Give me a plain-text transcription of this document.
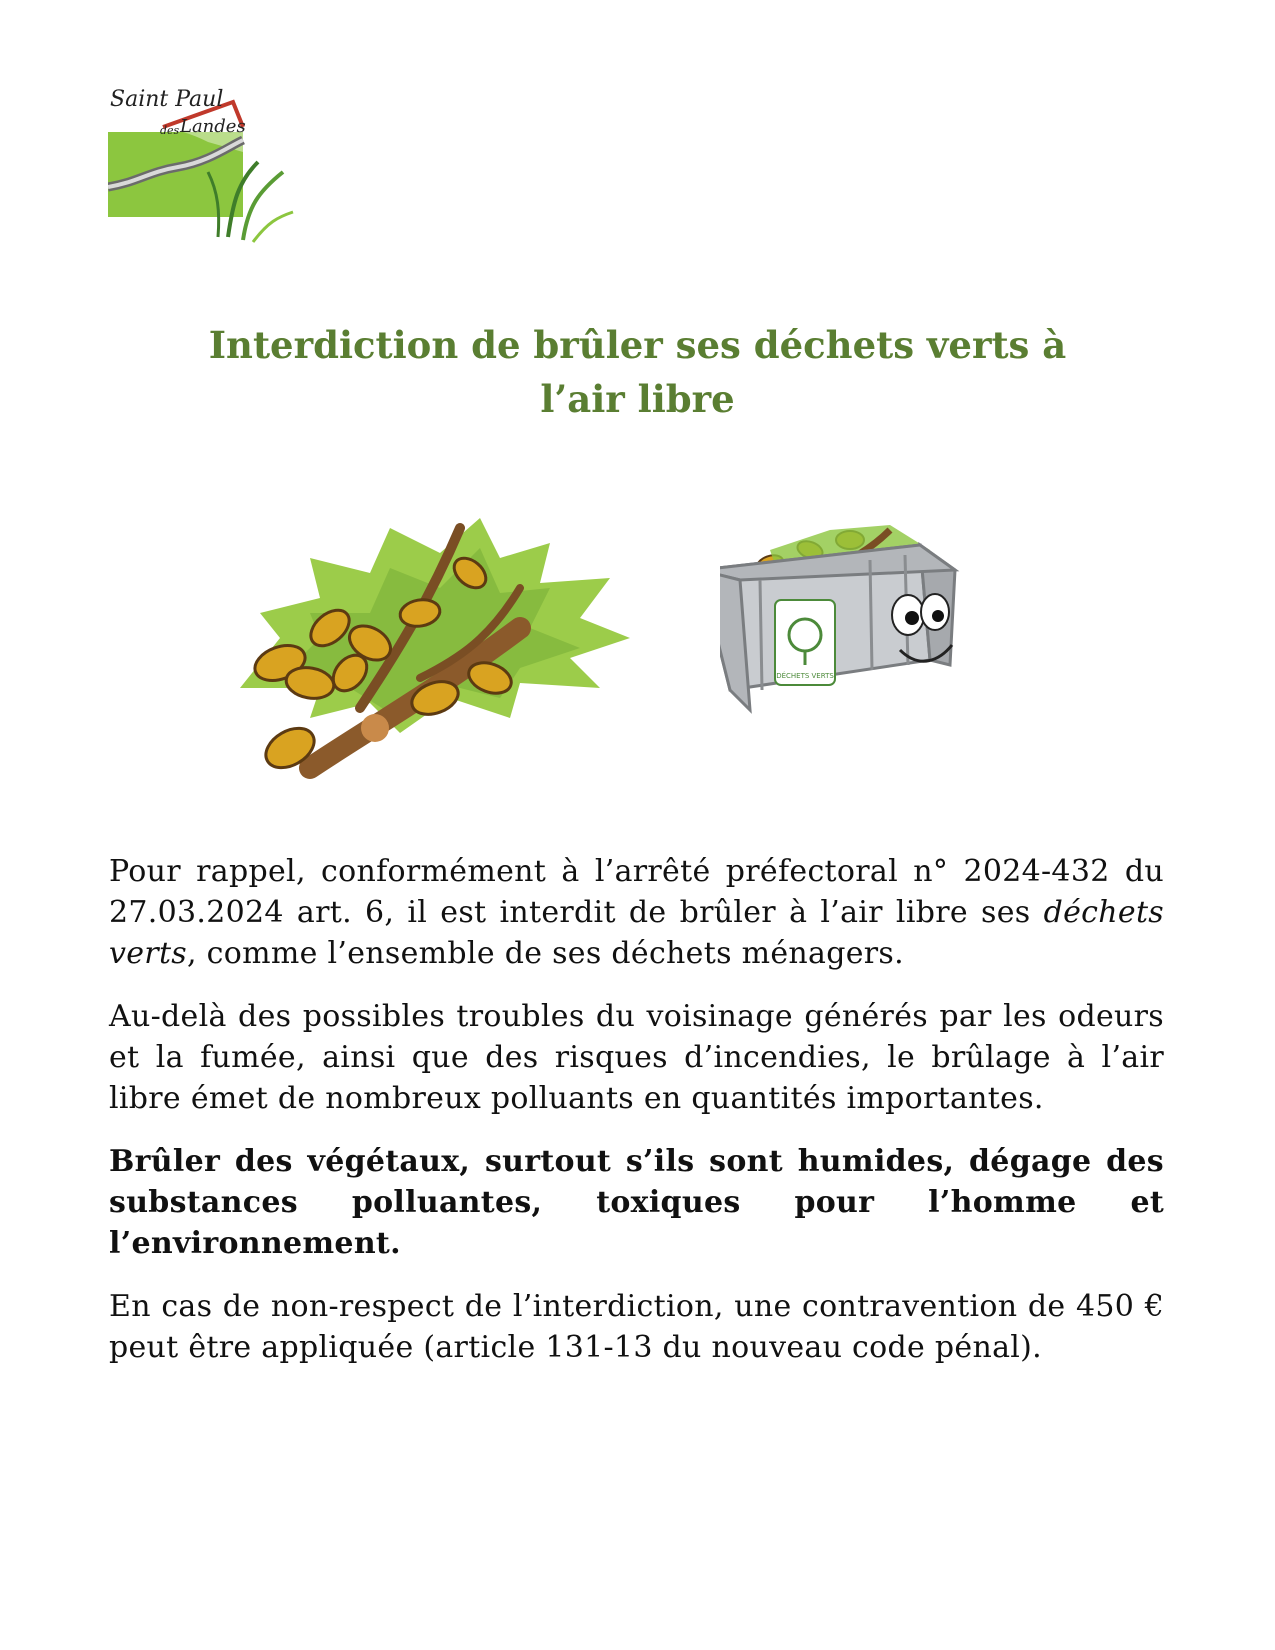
Saint Paul
des Landes
Interdiction de brûler ses déchets verts à
l’air libre
DÉCHETS VERTS

Pour rappel, conformément à l’arrêté préfectoral n° 2024-432 du 27.03.2024 art. 6, il est interdit de brûler à l’air libre ses déchets verts, comme l’ensemble de ses déchets ménagers.

Au-delà des possibles troubles du voisinage générés par les odeurs et la fumée, ainsi que des risques d’incendies, le brûlage à l’air libre émet de nombreux polluants en quantités importantes.

Brûler des végétaux, surtout s’ils sont humides, dégage des substances polluantes, toxiques pour l’homme et l’environnement.

En cas de non-respect de l’interdiction, une contravention de 450 € peut être appliquée (article 131-13 du nouveau code pénal).
